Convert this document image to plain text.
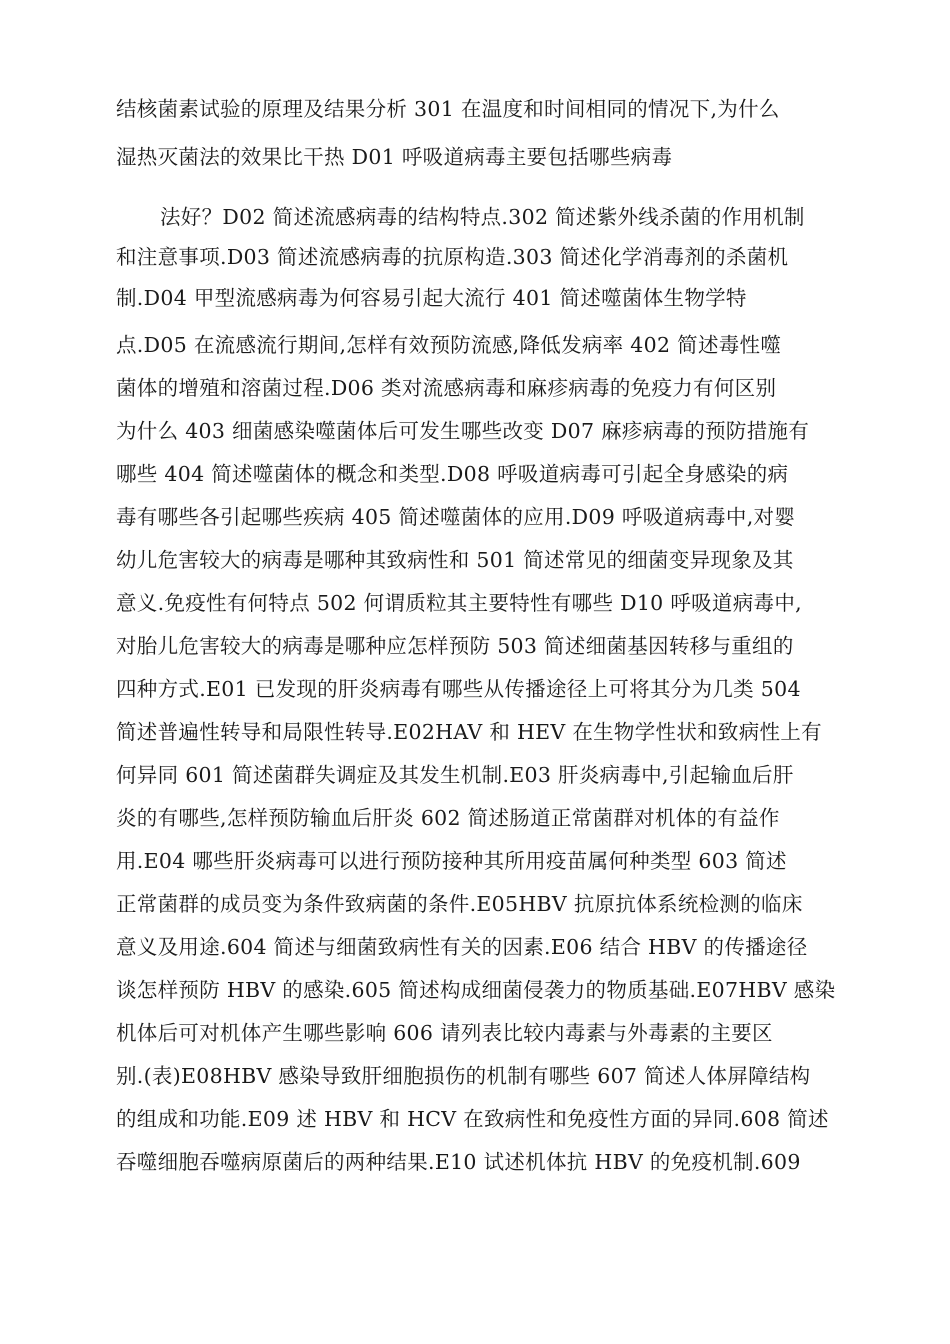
结核菌素试验的原理及结果分析 301 在温度和时间相同的情况下,为什么

湿热灭菌法的效果比干热 D01 呼吸道病毒主要包括哪些病毒

法好？D02 简述流感病毒的结构特点.302 简述紫外线杀菌的作用机制

和注意事项.D03 简述流感病毒的抗原构造.303 简述化学消毒剂的杀菌机

制.D04 甲型流感病毒为何容易引起大流行 401 简述噬菌体生物学特

点.D05 在流感流行期间,怎样有效预防流感,降低发病率 402 简述毒性噬

菌体的增殖和溶菌过程.D06 类对流感病毒和麻疹病毒的免疫力有何区别

为什么 403 细菌感染噬菌体后可发生哪些改变 D07 麻疹病毒的预防措施有

哪些 404 简述噬菌体的概念和类型.D08 呼吸道病毒可引起全身感染的病

毒有哪些各引起哪些疾病 405 简述噬菌体的应用.D09 呼吸道病毒中,对婴

幼儿危害较大的病毒是哪种其致病性和 501 简述常见的细菌变异现象及其

意义.免疫性有何特点 502 何谓质粒其主要特性有哪些 D10 呼吸道病毒中,

对胎儿危害较大的病毒是哪种应怎样预防 503 简述细菌基因转移与重组的

四种方式.E01 已发现的肝炎病毒有哪些从传播途径上可将其分为几类 504

简述普遍性转导和局限性转导.E02HAV 和 HEV 在生物学性状和致病性上有

何异同 601 简述菌群失调症及其发生机制.E03 肝炎病毒中,引起输血后肝

炎的有哪些,怎样预防输血后肝炎 602 简述肠道正常菌群对机体的有益作

用.E04 哪些肝炎病毒可以进行预防接种其所用疫苗属何种类型 603 简述

正常菌群的成员变为条件致病菌的条件.E05HBV 抗原抗体系统检测的临床

意义及用途.604 简述与细菌致病性有关的因素.E06 结合 HBV 的传播途径

谈怎样预防 HBV 的感染.605 简述构成细菌侵袭力的物质基础.E07HBV 感染

机体后可对机体产生哪些影响 606 请列表比较内毒素与外毒素的主要区

别.(表)E08HBV 感染导致肝细胞损伤的机制有哪些 607 简述人体屏障结构

的组成和功能.E09 述 HBV 和 HCV 在致病性和免疫性方面的异同.608 简述

吞噬细胞吞噬病原菌后的两种结果.E10 试述机体抗 HBV 的免疫机制.609
